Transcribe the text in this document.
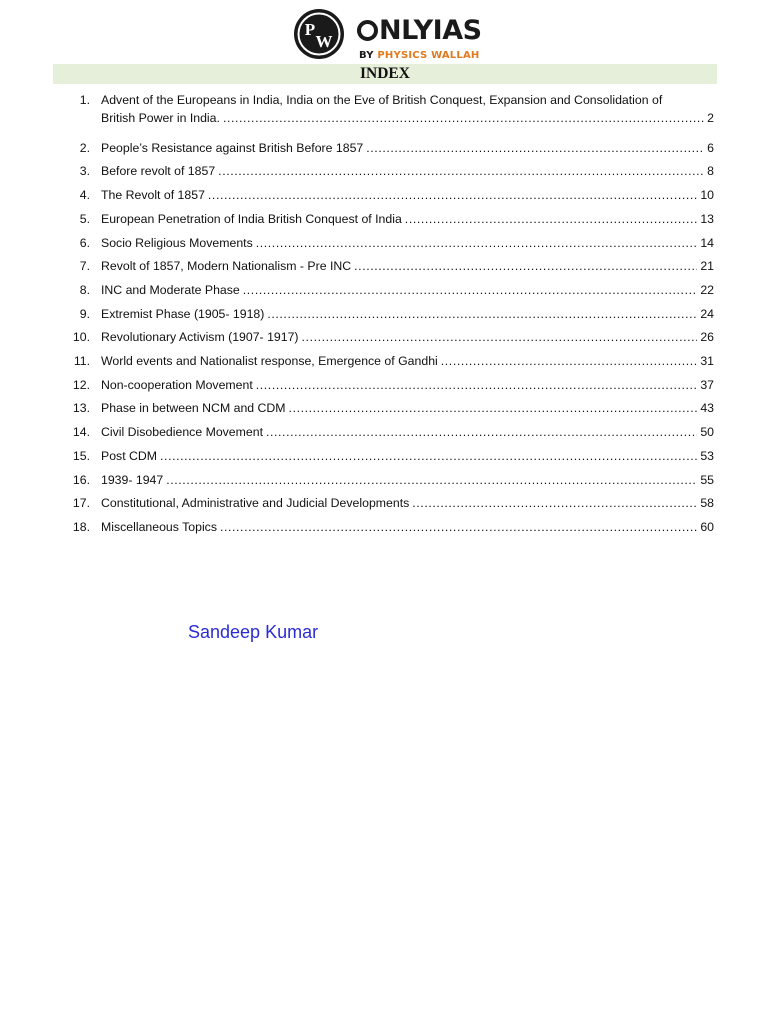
P
W	NLYIAS
BY PHYSICS WALLAH
INDEX
1. Advent of the Europeans in India, India on the Eve of British Conquest, Expansion and Consolidation of
British Power in India. .....	2
2. People’s Resistance against British Before 1857 .....	6
3. Before revolt of 1857 .....	8
4. The Revolt of 1857 .....	10
5. European Penetration of India British Conquest of India .....	13
6. Socio Religious Movements .....	14
7. Revolt of 1857, Modern Nationalism - Pre INC .....	21
8. INC and Moderate Phase .....	22
9. Extremist Phase (1905- 1918) .....	24
10. Revolutionary Activism (1907- 1917) .....	26
11. World events and Nationalist response, Emergence of Gandhi .....	31
12. Non-cooperation Movement .....	37
13. Phase in between NCM and CDM .....	43
14. Civil Disobedience Movement .....	50
15. Post CDM .....	53
16. 1939- 1947 .....	55
17. Constitutional, Administrative and Judicial Developments .....	58
18. Miscellaneous Topics .....	60
Sandeep Kumar
